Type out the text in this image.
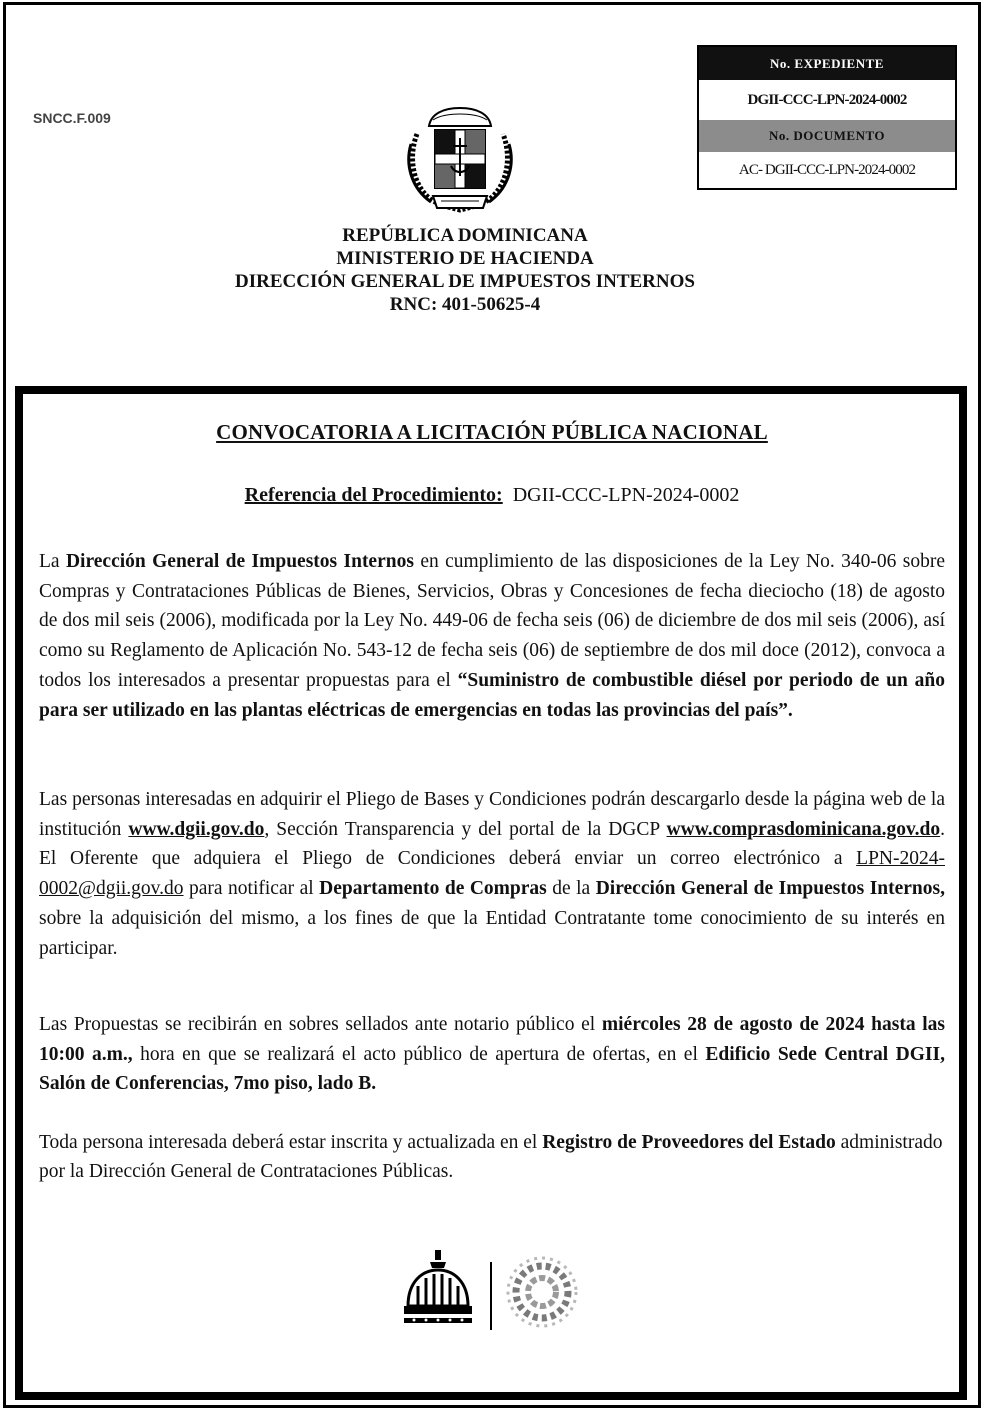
SNCC.F.009
No. EXPEDIENTE
DGII-CCC-LPN-2024-0002
No. DOCUMENTO
AC- DGII-CCC-LPN-2024-0002
REPÚBLICA DOMINICANA
MINISTERIO DE HACIENDA
DIRECCIÓN GENERAL DE IMPUESTOS INTERNOS
RNC: 401-50625-4
CONVOCATORIA A LICITACIÓN PÚBLICA NACIONAL
Referencia del Procedimiento: DGII-CCC-LPN-2024-0002
La Dirección General de Impuestos Internos en cumplimiento de las disposiciones de la Ley No. 340-06 sobre Compras y Contrataciones Públicas de Bienes, Servicios, Obras y Concesiones de fecha dieciocho (18) de agosto de dos mil seis (2006), modificada por la Ley No. 449-06 de fecha seis (06) de diciembre de dos mil seis (2006), así como su Reglamento de Aplicación No. 543-12 de fecha seis (06) de septiembre de dos mil doce (2012), convoca a todos los interesados a presentar propuestas para el “Suministro de combustible diésel por periodo de un año para ser utilizado en las plantas eléctricas de emergencias en todas las provincias del país”.
Las personas interesadas en adquirir el Pliego de Bases y Condiciones podrán descargarlo desde la página web de la institución www.dgii.gov.do, Sección Transparencia y del portal de la DGCP www.comprasdominicana.gov.do. El Oferente que adquiera el Pliego de Condiciones deberá enviar un correo electrónico a LPN-2024-0002@dgii.gov.do para notificar al Departamento de Compras de la Dirección General de Impuestos Internos, sobre la adquisición del mismo, a los fines de que la Entidad Contratante tome conocimiento de su interés en participar.
Las Propuestas se recibirán en sobres sellados ante notario público el miércoles 28 de agosto de 2024 hasta las 10:00 a.m., hora en que se realizará el acto público de apertura de ofertas, en el Edificio Sede Central DGII, Salón de Conferencias, 7mo piso, lado B.
Toda persona interesada deberá estar inscrita y actualizada en el Registro de Proveedores del Estado administrado por la Dirección General de Contrataciones Públicas.
